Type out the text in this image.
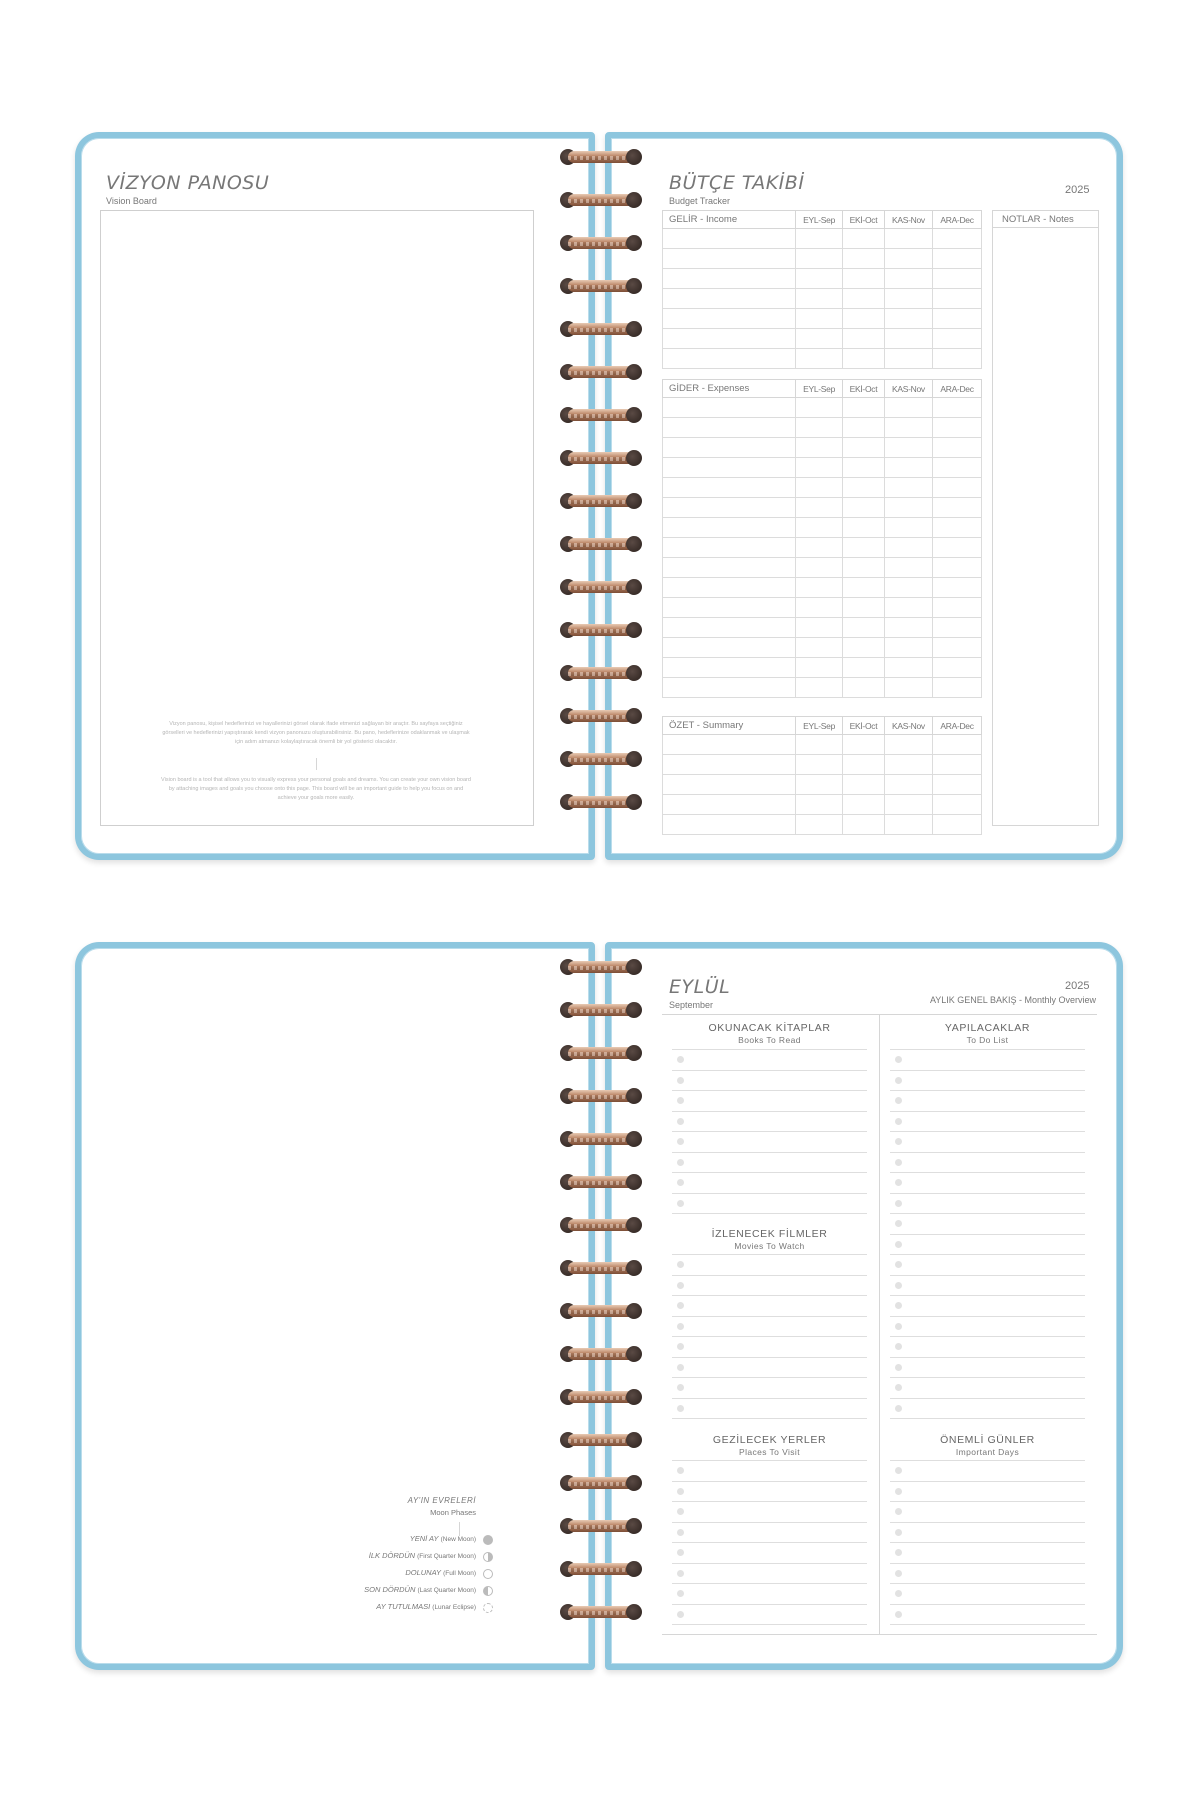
VİZYON PANOSU
Vision Board
Vizyon panosu, kişisel hedeflerinizi ve hayallerinizi görsel olarak ifade etmenizi sağlayan bir araçtır. Bu sayfaya seçtiğiniz görselleri ve hedeflerinizi yapıştırarak kendi vizyon panonuzu oluşturabilirsiniz. Bu pano, hedeflerinize odaklanmak ve ulaşmak için adım atmanızı kolaylaştıracak önemli bir yol gösterici olacaktır.
Vision board is a tool that allows you to visually express your personal goals and dreams. You can create your own vision board by attaching images and goals you choose onto this page. This board will be an important guide to help you focus on and achieve your goals more easily.
BÜTÇE TAKİBİ
Budget Tracker
2025
GELİR - Income	EYL-Sep	EKİ-Oct	KAS-Nov	ARA-Dec

GİDER - Expenses	EYL-Sep	EKİ-Oct	KAS-Nov	ARA-Dec

ÖZET - Summary	EYL-Sep	EKİ-Oct	KAS-Nov	ARA-Dec

NOTLAR - Notes
AY'IN EVRELERİ
Moon Phases
YENİ AY (New Moon)
İLK DÖRDÜN (First Quarter Moon)
DOLUNAY (Full Moon)
SON DÖRDÜN (Last Quarter Moon)
AY TUTULMASI (Lunar Eclipse)
EYLÜL
September
2025
AYLIK GENEL BAKIŞ - Monthly Overview
OKUNACAK KİTAPLAR
Books To Read
İZLENECEK FİLMLER
Movies To Watch
GEZİLECEK YERLER
Places To Visit
YAPILACAKLAR
To Do List
ÖNEMLİ GÜNLER
Important Days
